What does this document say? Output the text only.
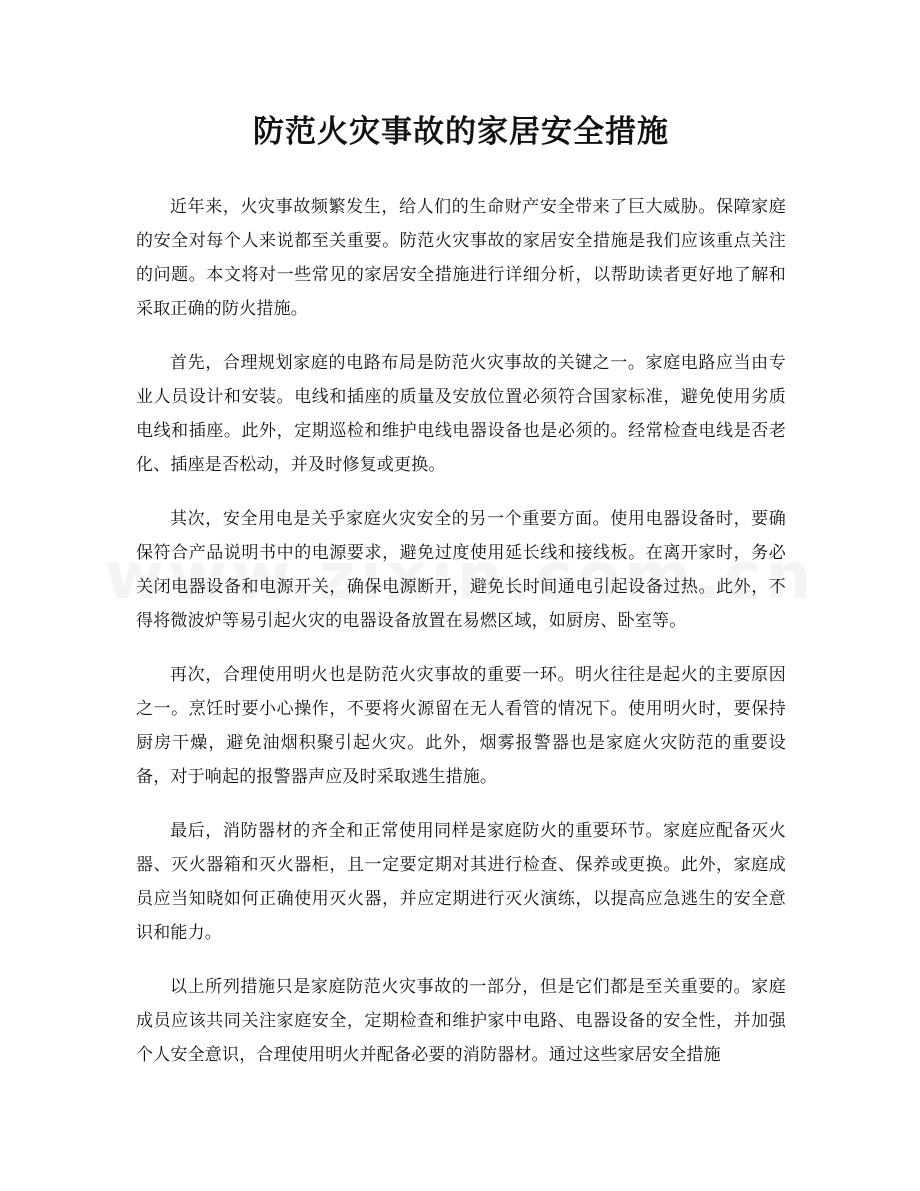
防范火灾事故的家居安全措施

近年来，火灾事故频繁发生，给人们的生命财产安全带来了巨大威胁。保障家庭的安全对每个人来说都至关重要。防范火灾事故的家居安全措施是我们应该重点关注的问题。本文将对一些常见的家居安全措施进行详细分析，以帮助读者更好地了解和采取正确的防火措施。

首先，合理规划家庭的电路布局是防范火灾事故的关键之一。家庭电路应当由专业人员设计和安装。电线和插座的质量及安放位置必须符合国家标准，避免使用劣质电线和插座。此外，定期巡检和维护电线电器设备也是必须的。经常检查电线是否老化、插座是否松动，并及时修复或更换。

其次，安全用电是关乎家庭火灾安全的另一个重要方面。使用电器设备时，要确保符合产品说明书中的电源要求，避免过度使用延长线和接线板。在离开家时，务必关闭电器设备和电源开关，确保电源断开，避免长时间通电引起设备过热。此外，不得将微波炉等易引起火灾的电器设备放置在易燃区域，如厨房、卧室等。

再次，合理使用明火也是防范火灾事故的重要一环。明火往往是起火的主要原因之一。烹饪时要小心操作，不要将火源留在无人看管的情况下。使用明火时，要保持厨房干燥，避免油烟积聚引起火灾。此外，烟雾报警器也是家庭火灾防范的重要设备，对于响起的报警器声应及时采取逃生措施。

最后，消防器材的齐全和正常使用同样是家庭防火的重要环节。家庭应配备灭火器、灭火器箱和灭火器柜，且一定要定期对其进行检查、保养或更换。此外，家庭成员应当知晓如何正确使用灭火器，并应定期进行灭火演练，以提高应急逃生的安全意识和能力。

以上所列措施只是家庭防范火灾事故的一部分，但是它们都是至关重要的。家庭成员应该共同关注家庭安全，定期检查和维护家中电路、电器设备的安全性，并加强个人安全意识，合理使用明火并配备必要的消防器材。通过这些家居安全措施
